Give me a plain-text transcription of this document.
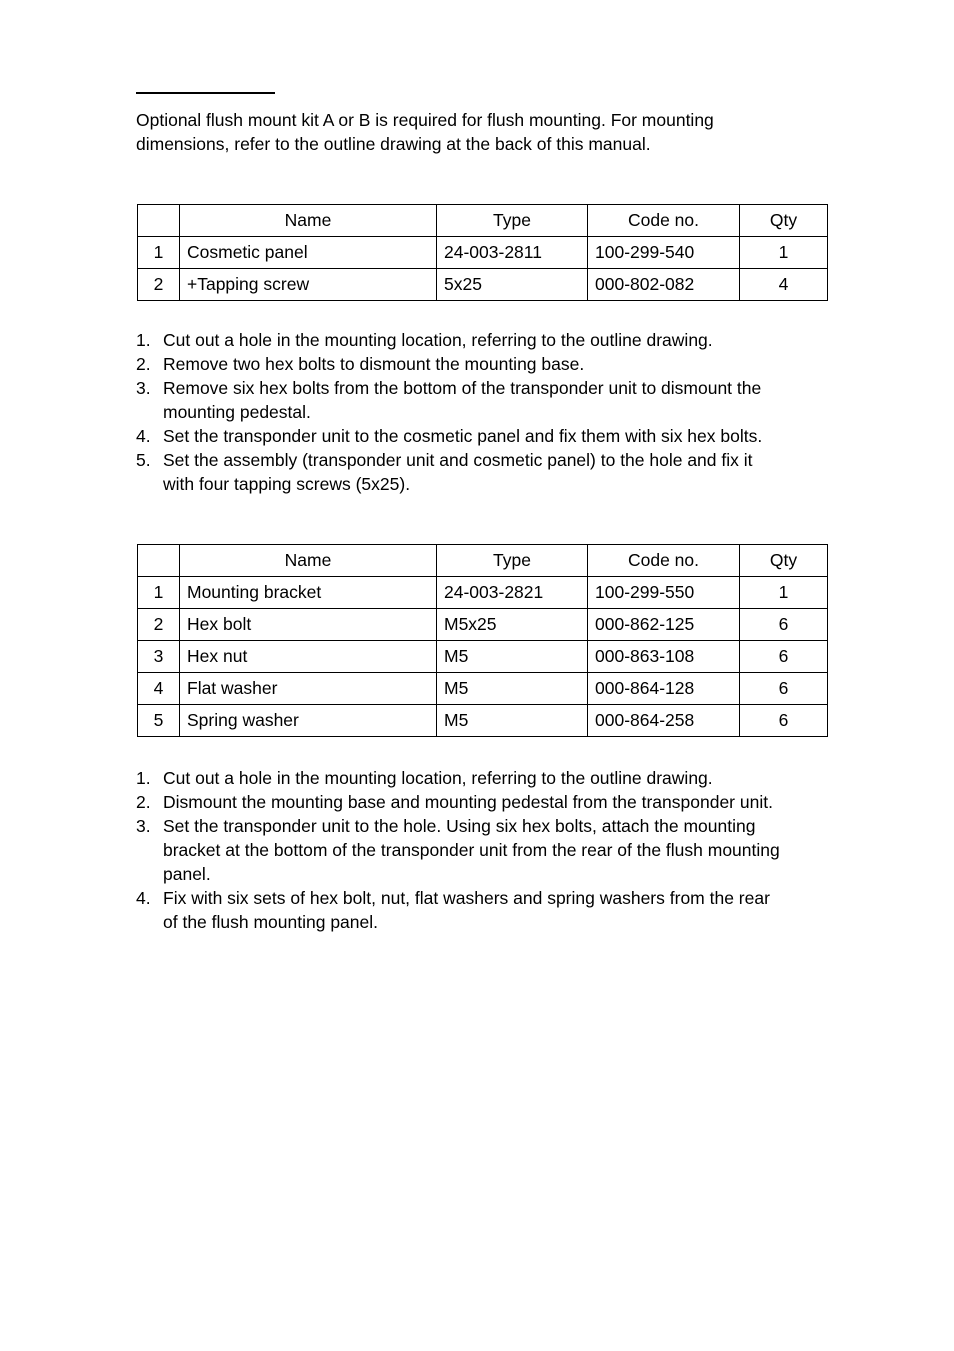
Optional flush mount kit A or B is required for flush mounting. For mounting
dimensions, refer to the outline drawing at the back of this manual.

	Name	Type	Code no.	Qty
1	Cosmetic panel	24-003-2811	100-299-540	1
2	+Tapping screw	5x25	000-802-082	4
1. Cut out a hole in the mounting location, referring to the outline drawing.
2. Remove two hex bolts to dismount the mounting base.
3. Remove six hex bolts from the bottom of the transponder unit to dismount the
mounting pedestal.
4. Set the transponder unit to the cosmetic panel and fix them with six hex bolts.
5. Set the assembly (transponder unit and cosmetic panel) to the hole and fix it
with four tapping screws (5x25).
	Name	Type	Code no.	Qty
1	Mounting bracket	24-003-2821	100-299-550	1
2	Hex bolt	M5x25	000-862-125	6
3	Hex nut	M5	000-863-108	6
4	Flat washer	M5	000-864-128	6
5	Spring washer	M5	000-864-258	6
1. Cut out a hole in the mounting location, referring to the outline drawing.
2. Dismount the mounting base and mounting pedestal from the transponder unit.
3. Set the transponder unit to the hole. Using six hex bolts, attach the mounting
bracket at the bottom of the transponder unit from the rear of the flush mounting
panel.
4. Fix with six sets of hex bolt, nut, flat washers and spring washers from the rear
of the flush mounting panel.
